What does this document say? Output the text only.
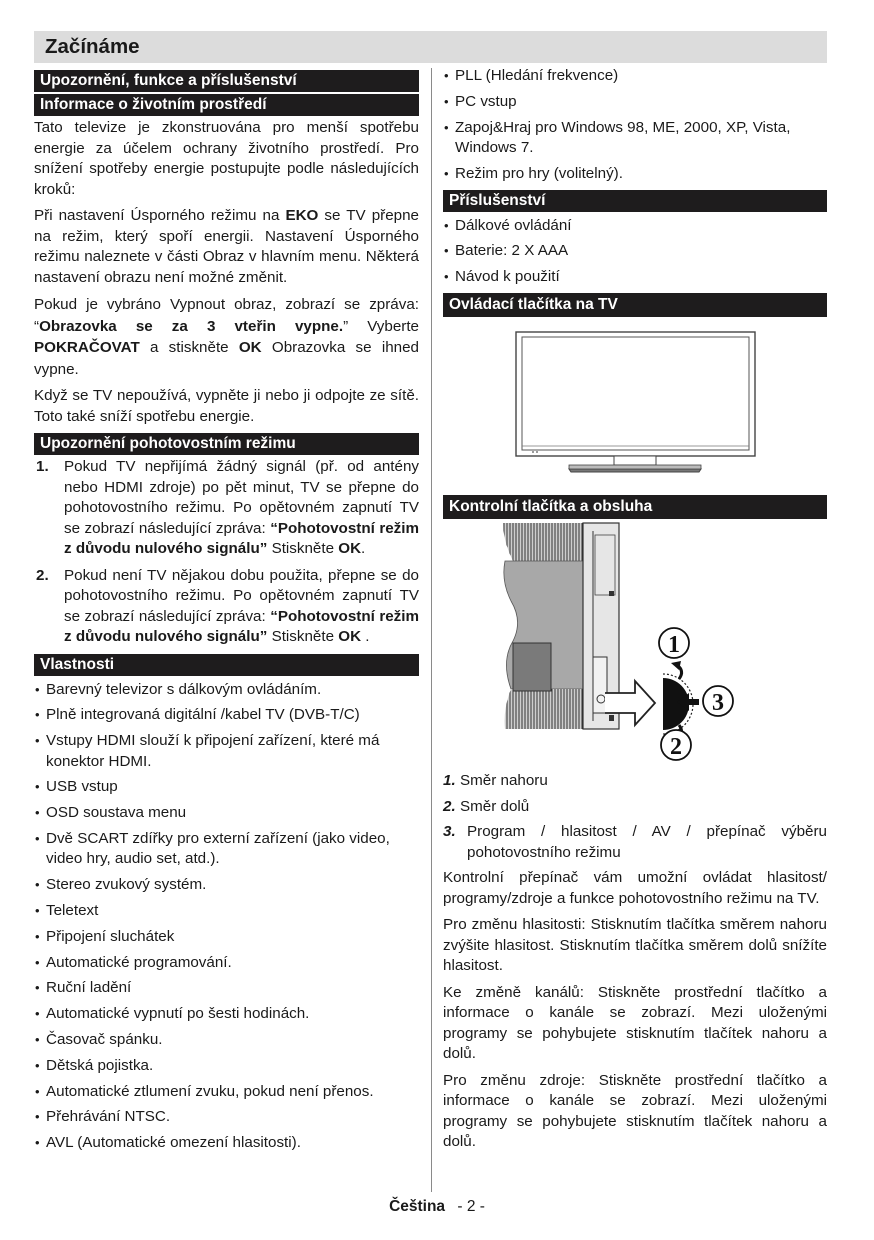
Začínáme
Upozornění, funkce a příslušenství
Informace o životním prostředí

Tato televize je zkonstruována pro menší spotřebu energie za účelem ochrany životního prostředí. Pro snížení spotřeby energie postupujte podle následujících kroků:

Při nastavení Úsporného režimu na EKO se TV přepne na režim, který spoří energii. Nastavení Úsporného režimu naleznete v části Obraz v hlavním menu. Některá nastavení obrazu není možné změnit.

Pokud je vybráno Vypnout obraz, zobrazí se zpráva: “Obrazovka se za 3 vteřin vypne.” Vyberte POKRAČOVAT a stiskněte OK Obrazovka se ihned vypne.

Když se TV nepoužívá, vypněte ji nebo ji odpojte ze sítě. Toto také sníží spotřebu energie.

Upozornění pohotovostním režimu
1. Pokud TV nepřijímá žádný signál (př. od antény nebo HDMI zdroje) po pět minut, TV se přepne do pohotovostního režimu. Po opětovném zapnutí TV se zobrazí následující zpráva: “Pohotovostní režim z důvodu nulového signálu” Stiskněte OK.
2. Pokud není TV nějakou dobu použita, přepne se do pohotovostního režimu. Po opětovném zapnutí TV se zobrazí následující zpráva: “Pohotovostní režim z důvodu nulového signálu” Stiskněte OK .
Vlastnosti
• Barevný televizor s dálkovým ovládáním.
• Plně integrovaná digitální /kabel TV (DVB-T/C)
• Vstupy HDMI slouží k připojení zařízení, které má konektor HDMI.
• USB vstup
• OSD soustava menu
• Dvě SCART zdířky pro externí zařízení (jako video, video hry, audio set, atd.).
• Stereo zvukový systém.
• Teletext
• Připojení sluchátek
• Automatické programování.
• Ruční ladění
• Automatické vypnutí po šesti hodinách.
• Časovač spánku.
• Dětská pojistka.
• Automatické ztlumení zvuku, pokud není přenos.
• Přehrávání NTSC.
• AVL (Automatické omezení hlasitosti).
• PLL (Hledání frekvence)
• PC vstup
• Zapoj&Hraj pro Windows 98, ME, 2000, XP, Vista, Windows 7.
• Režim pro hry (volitelný).
Příslušenství
• Dálkové ovládání
• Baterie: 2 X AAA
• Návod k použití
Ovládací tlačítka na TV
Kontrolní tlačítka a obsluha
1
3
2
1. Směr nahoru
2. Směr dolů
3. Program / hlasitost / AV / přepínač výběru pohotovostního režimu

Kontrolní přepínač vám umožní ovládat hlasitost/ programy/zdroje a funkce pohotovostního režimu na TV.

Pro změnu hlasitosti: Stisknutím tlačítka směrem nahoru zvýšite hlasitost. Stisknutím tlačítka směrem dolů snížíte hlasitost.

Ke změně kanálů: Stiskněte prostřední tlačítko a informace o kanále se zobrazí. Mezi uloženými programy se pohybujete stisknutím tlačítek nahoru a dolů.

Pro změnu zdroje: Stiskněte prostřední tlačítko a informace o kanále se zobrazí. Mezi uloženými programy se pohybujete stisknutím tlačítek nahoru a dolů.

Čeština - 2 -
